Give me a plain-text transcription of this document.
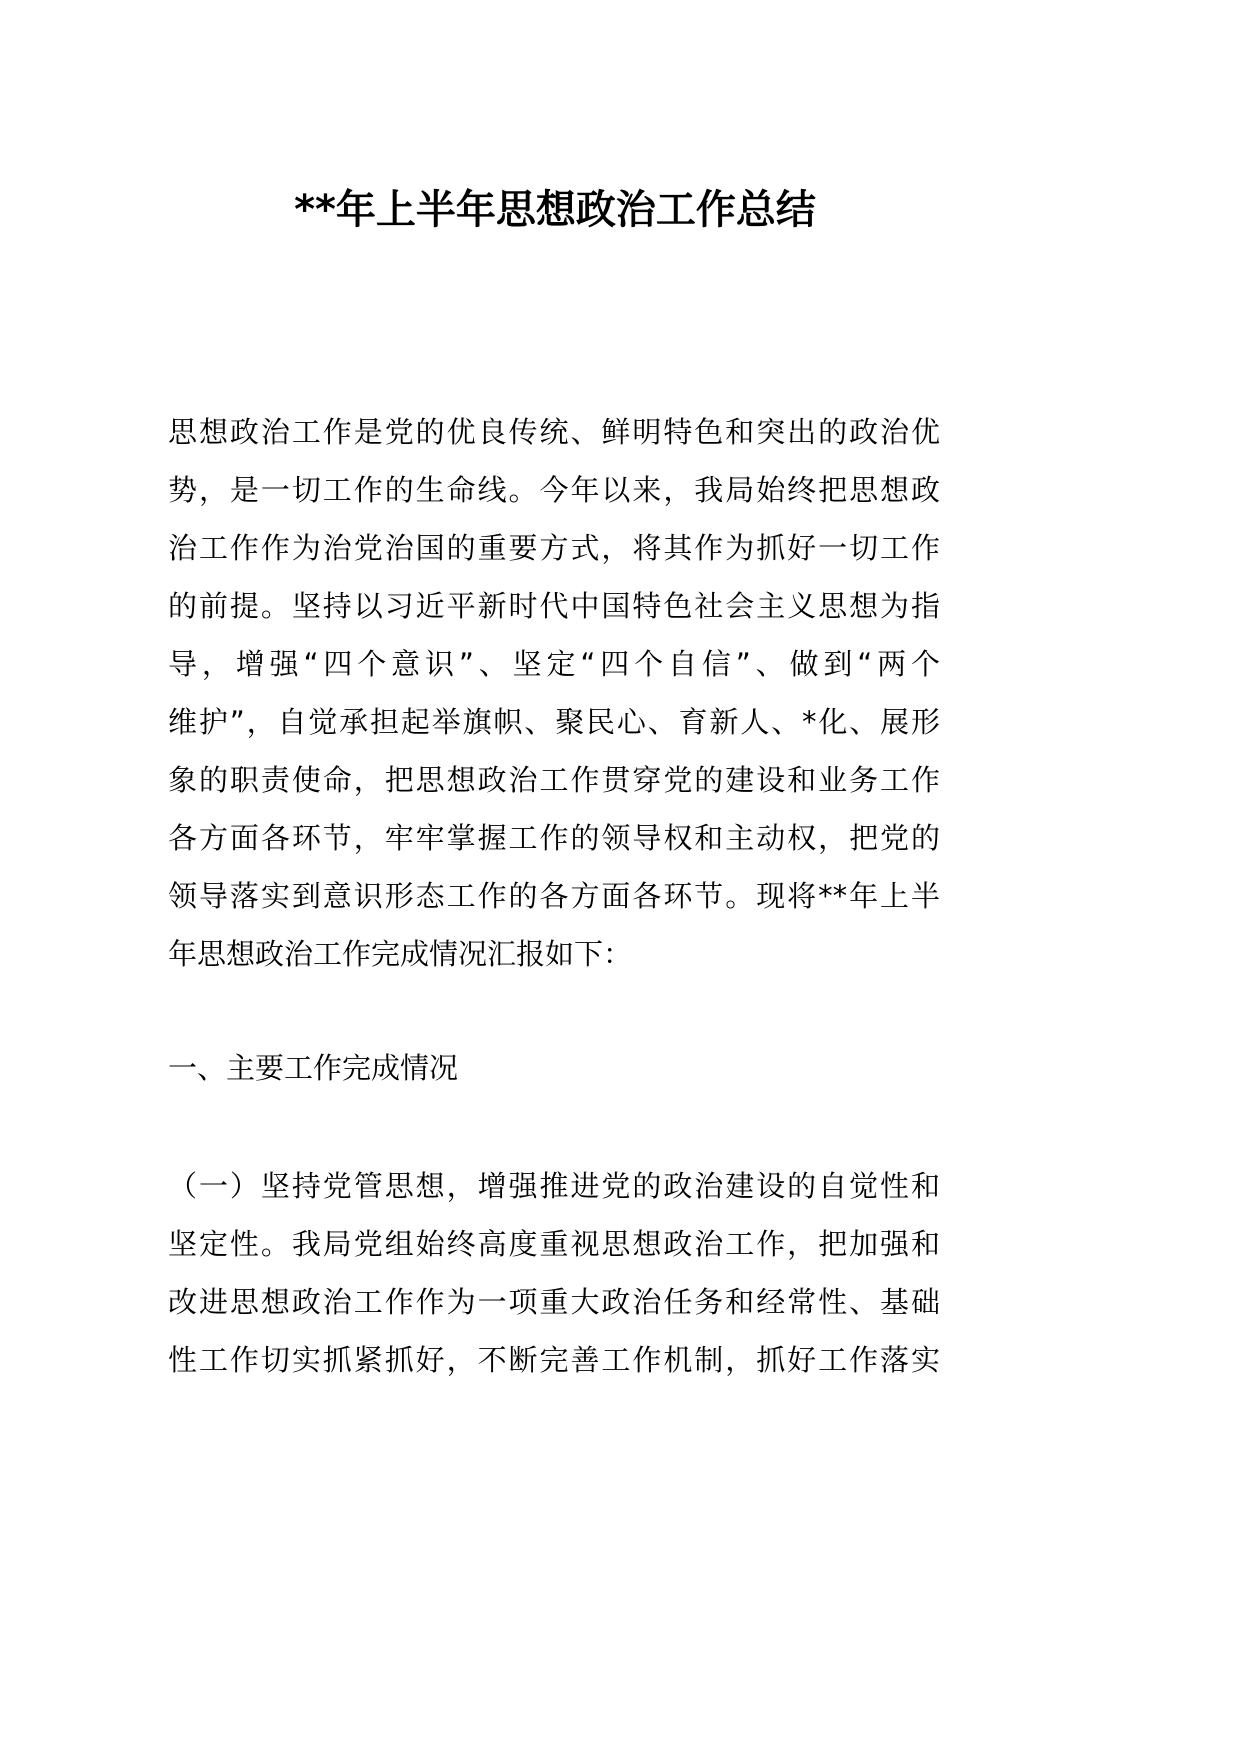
**年上半年思想政治工作总结
思想政治工作是党的优良传统、鲜明特色和突出的政治优
势，是一切工作的生命线。今年以来，我局始终把思想政
治工作作为治党治国的重要方式，将其作为抓好一切工作
的前提。坚持以习近平新时代中国特色社会主义思想为指
导，增强“四个意识”、坚定“四个自信”、做到“两个
维护”，自觉承担起举旗帜、聚民心、育新人、*化、展形
象的职责使命，把思想政治工作贯穿党的建设和业务工作
各方面各环节，牢牢掌握工作的领导权和主动权，把党的
领导落实到意识形态工作的各方面各环节。现将**年上半
年思想政治工作完成情况汇报如下：
一、主要工作完成情况
（一）坚持党管思想，增强推进党的政治建设的自觉性和
坚定性。我局党组始终高度重视思想政治工作，把加强和
改进思想政治工作作为一项重大政治任务和经常性、基础
性工作切实抓紧抓好，不断完善工作机制，抓好工作落实
